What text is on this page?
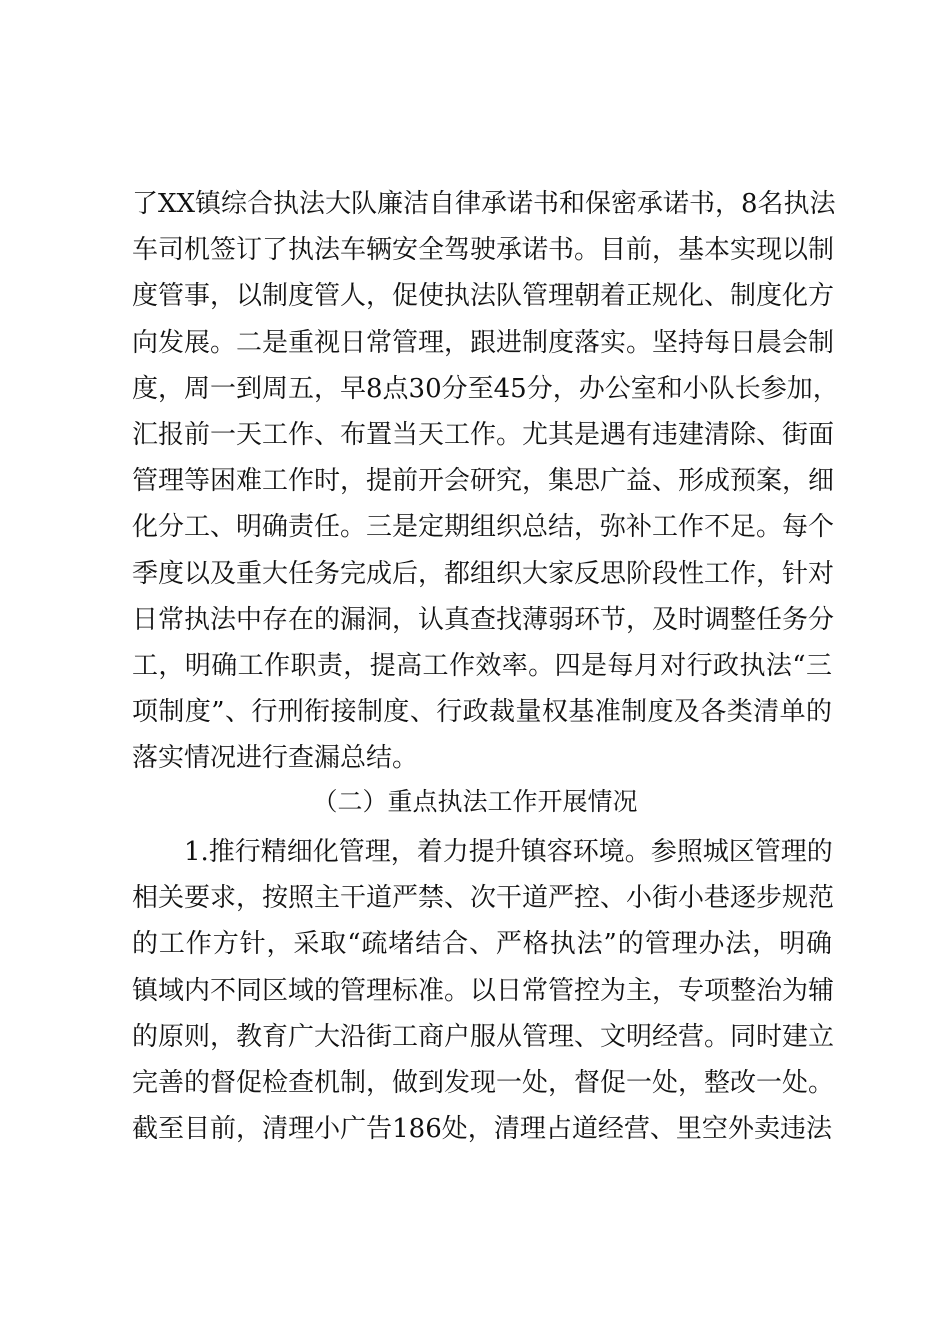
了XX镇综合执法大队廉洁自律承诺书和保密承诺书，8名执法
车司机签订了执法车辆安全驾驶承诺书。目前，基本实现以制
度管事，以制度管人，促使执法队管理朝着正规化、制度化方
向发展。二是重视日常管理，跟进制度落实。坚持每日晨会制
度，周一到周五，早8点30分至45分，办公室和小队长参加，
汇报前一天工作、布置当天工作。尤其是遇有违建清除、街面
管理等困难工作时，提前开会研究，集思广益、形成预案，细
化分工、明确责任。三是定期组织总结，弥补工作不足。每个
季度以及重大任务完成后，都组织大家反思阶段性工作，针对
日常执法中存在的漏洞，认真查找薄弱环节，及时调整任务分
工，明确工作职责，提高工作效率。四是每月对行政执法“三
项制度”、行刑衔接制度、行政裁量权基准制度及各类清单的
落实情况进行查漏总结。
（二）重点执法工作开展情况
1.推行精细化管理，着力提升镇容环境。参照城区管理的
相关要求，按照主干道严禁、次干道严控、小街小巷逐步规范
的工作方针，采取“疏堵结合、严格执法”的管理办法，明确
镇域内不同区域的管理标准。以日常管控为主，专项整治为辅
的原则，教育广大沿街工商户服从管理、文明经营。同时建立
完善的督促检查机制，做到发现一处，督促一处，整改一处。
截至目前，清理小广告186处，清理占道经营、里空外卖违法
